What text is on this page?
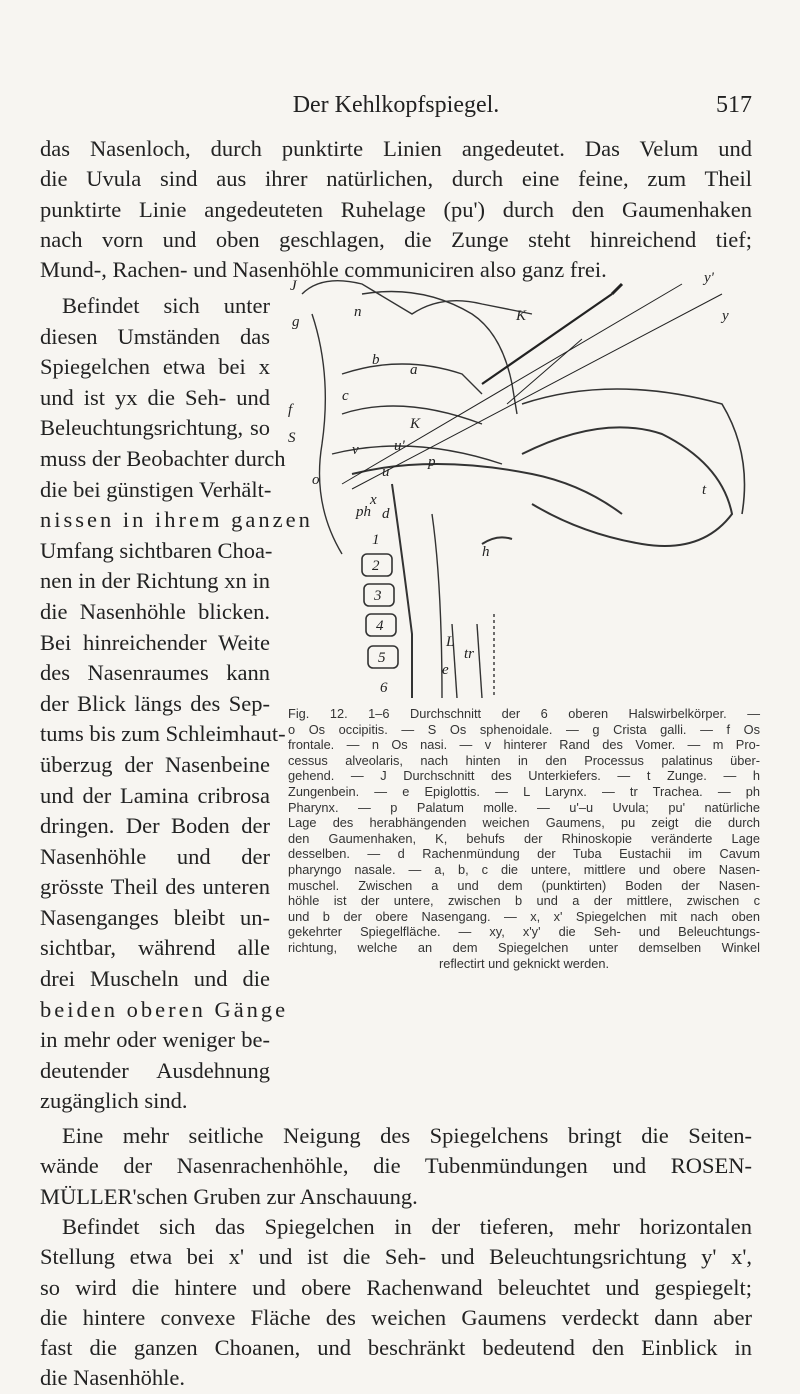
Der Kehlkopfspiegel.	517
das Nasenloch, durch punktirte Linien angedeutet. Das Velum und
die Uvula sind aus ihrer natürlichen, durch eine feine, zum Theil
punktirte Linie angedeuteten Ruhelage (pu') durch den Gaumenhaken
nach vorn und oben geschlagen, die Zunge steht hinreichend tief;
Mund-, Rachen- und Nasenhöhle communiciren also ganz frei.
Befindet sich unter
diesen Umständen das
Spiegelchen etwa bei x
und ist yx die Seh- und
Beleuchtungsrichtung, so
muss der Beobachter durch
die bei günstigen Verhält-
nissen in ihrem ganzen
Umfang sichtbaren Choa-
nen in der Richtung xn in
die Nasenhöhle blicken.
Bei hinreichender Weite
des Nasenraumes kann
der Blick längs des Sep-
tums bis zum Schleimhaut-
überzug der Nasenbeine
und der Lamina cribrosa
dringen. Der Boden der
Nasenhöhle und der
grösste Theil des unteren
Nasenganges bleibt un-
sichtbar, während alle
drei Muscheln und die
beiden oberen Gänge
in mehr oder weniger be-
deutender Ausdehnung
zugänglich sind.
J
g
f
S
o
c
b
a
n	K
K
y'
y
u'
u
v
x
ph
h
L
e
tr
t
p
d
1
2
3
4
5
6
Fig. 12. 1–6 Durchschnitt der 6 oberen Halswirbelkörper. —
o Os occipitis. — S Os sphenoidale. — g Crista galli. — f Os
frontale. — n Os nasi. — v hinterer Rand des Vomer. — m Pro-
cessus alveolaris, nach hinten in den Processus palatinus über-
gehend. — J Durchschnitt des Unterkiefers. — t Zunge. — h
Zungenbein. — e Epiglottis. — L Larynx. — tr Trachea. — ph
Pharynx. — p Palatum molle. — u'–u Uvula; pu' natürliche
Lage des herabhängenden weichen Gaumens, pu zeigt die durch
den Gaumenhaken, K, behufs der Rhinoskopie veränderte Lage
desselben. — d Rachenmündung der Tuba Eustachii im Cavum
pharyngo nasale. — a, b, c die untere, mittlere und obere Nasen-
muschel. Zwischen a und dem (punktirten) Boden der Nasen-
höhle ist der untere, zwischen b und a der mittlere, zwischen c
und b der obere Nasengang. — x, x' Spiegelchen mit nach oben
gekehrter Spiegelfläche. — xy, x'y' die Seh- und Beleuchtungs-
richtung, welche an dem Spiegelchen unter demselben Winkel
reflectirt und geknickt werden.
Eine mehr seitliche Neigung des Spiegelchens bringt die Seiten-
wände der Nasenrachenhöhle, die Tubenmündungen und ROSEN-
MÜLLER'schen Gruben zur Anschauung.
Befindet sich das Spiegelchen in der tieferen, mehr horizontalen
Stellung etwa bei x' und ist die Seh- und Beleuchtungsrichtung y' x',
so wird die hintere und obere Rachenwand beleuchtet und gespiegelt;
die hintere convexe Fläche des weichen Gaumens verdeckt dann aber
fast die ganzen Choanen, und beschränkt bedeutend den Einblick in
die Nasenhöhle.
